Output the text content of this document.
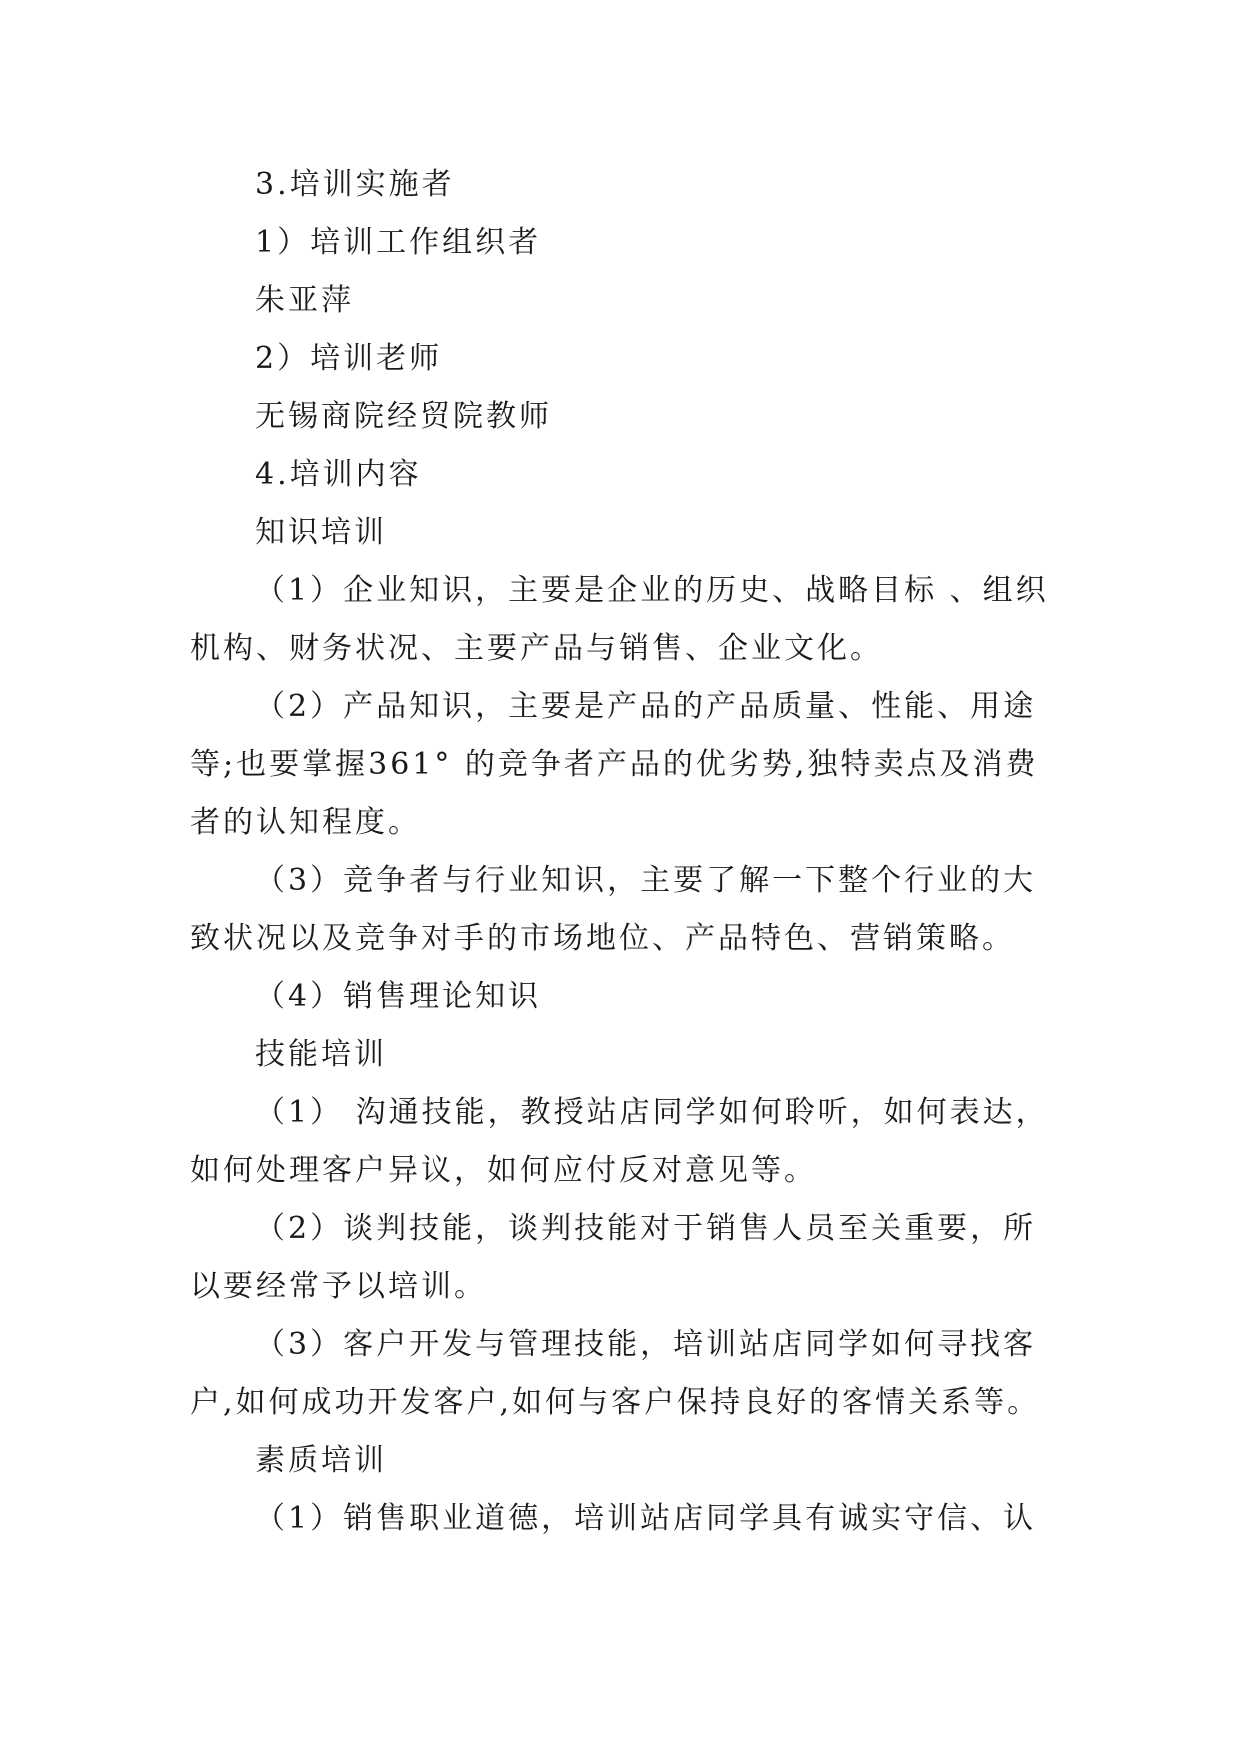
3.培训实施者
1）培训工作组织者
朱亚萍
2）培训老师
无锡商院经贸院教师
4.培训内容
知识培训
（1）企业知识，主要是企业的历史、战略目标 、组织
机构、财务状况、主要产品与销售、企业文化。
（2）产品知识，主要是产品的产品质量、性能、用途
等;也要掌握361° 的竞争者产品的优劣势,独特卖点及消费
者的认知程度。
（3）竞争者与行业知识，主要了解一下整个行业的大
致状况以及竞争对手的市场地位、产品特色、营销策略。
（4）销售理论知识
技能培训
（1） 沟通技能，教授站店同学如何聆听，如何表达，
如何处理客户异议，如何应付反对意见等。
（2）谈判技能，谈判技能对于销售人员至关重要，所
以要经常予以培训。
（3）客户开发与管理技能，培训站店同学如何寻找客
户,如何成功开发客户,如何与客户保持良好的客情关系等。
素质培训
（1）销售职业道德，培训站店同学具有诚实守信、认
